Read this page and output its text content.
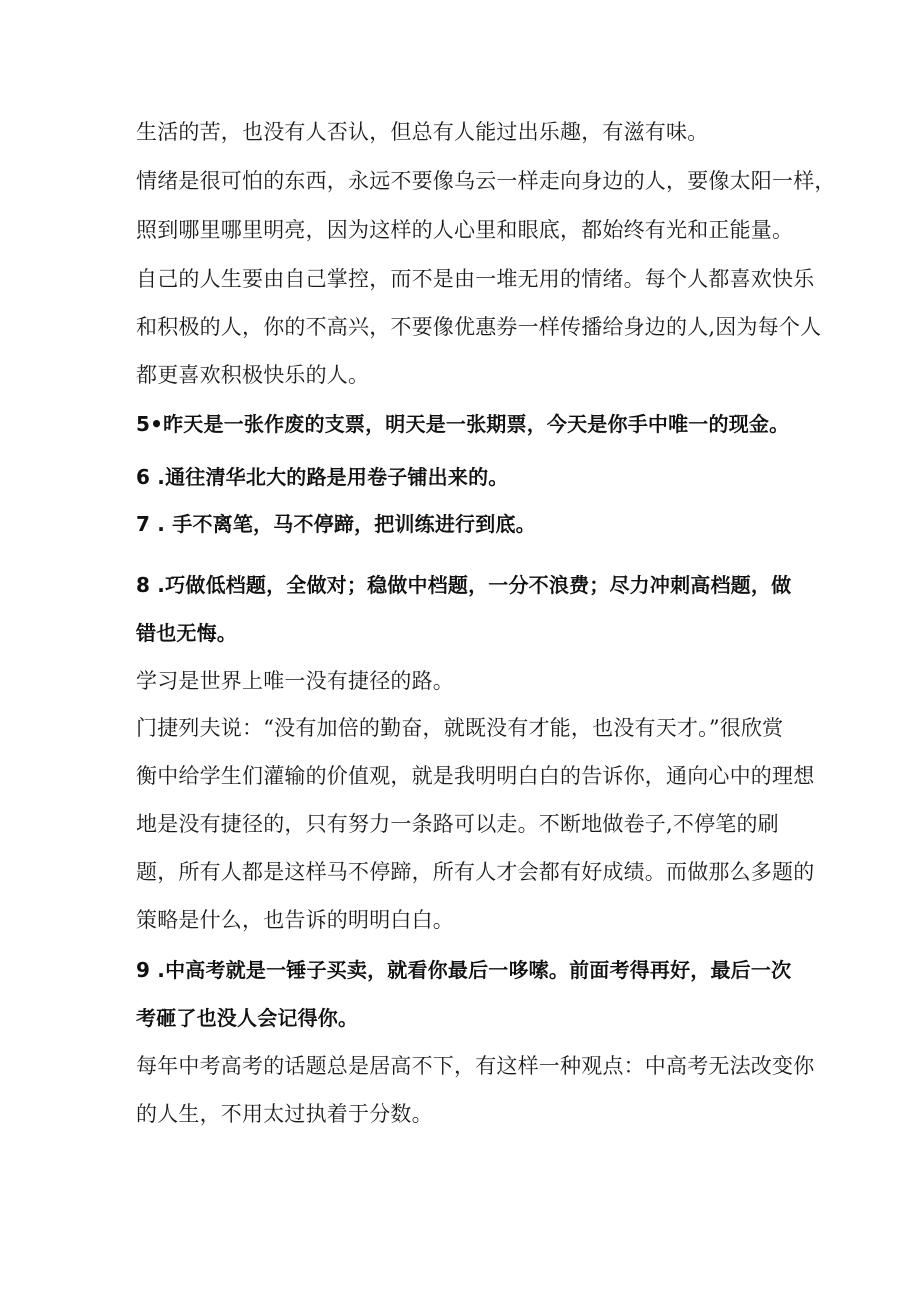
生活的苦，也没有人否认，但总有人能过出乐趣，有滋有味。
情绪是很可怕的东西，永远不要像乌云一样走向身边的人，要像太阳一样，
照到哪里哪里明亮，因为这样的人心里和眼底，都始终有光和正能量。
自己的人生要由自己掌控，而不是由一堆无用的情绪。每个人都喜欢快乐
和积极的人，你的不高兴，不要像优惠券一样传播给身边的人,因为每个人
都更喜欢积极快乐的人。
5•昨天是一张作废的支票，明天是一张期票，今天是你手中唯一的现金。
6 .通往清华北大的路是用卷子铺出来的。
7 . 手不离笔，马不停蹄，把训练进行到底。
8 .巧做低档题，全做对；稳做中档题，一分不浪费；尽力冲刺高档题，做
错也无悔。
学习是世界上唯一没有捷径的路。
门捷列夫说：“没有加倍的勤奋，就既没有才能，也没有天才。”很欣赏
衡中给学生们灌输的价值观，就是我明明白白的告诉你，通向心中的理想
地是没有捷径的，只有努力一条路可以走。不断地做卷子,不停笔的刷
题，所有人都是这样马不停蹄，所有人才会都有好成绩。而做那么多题的
策略是什么，也告诉的明明白白。
9 .中高考就是一锤子买卖，就看你最后一哆嗦。前面考得再好，最后一次
考砸了也没人会记得你。
每年中考高考的话题总是居高不下，有这样一种观点：中高考无法改变你
的人生，不用太过执着于分数。
